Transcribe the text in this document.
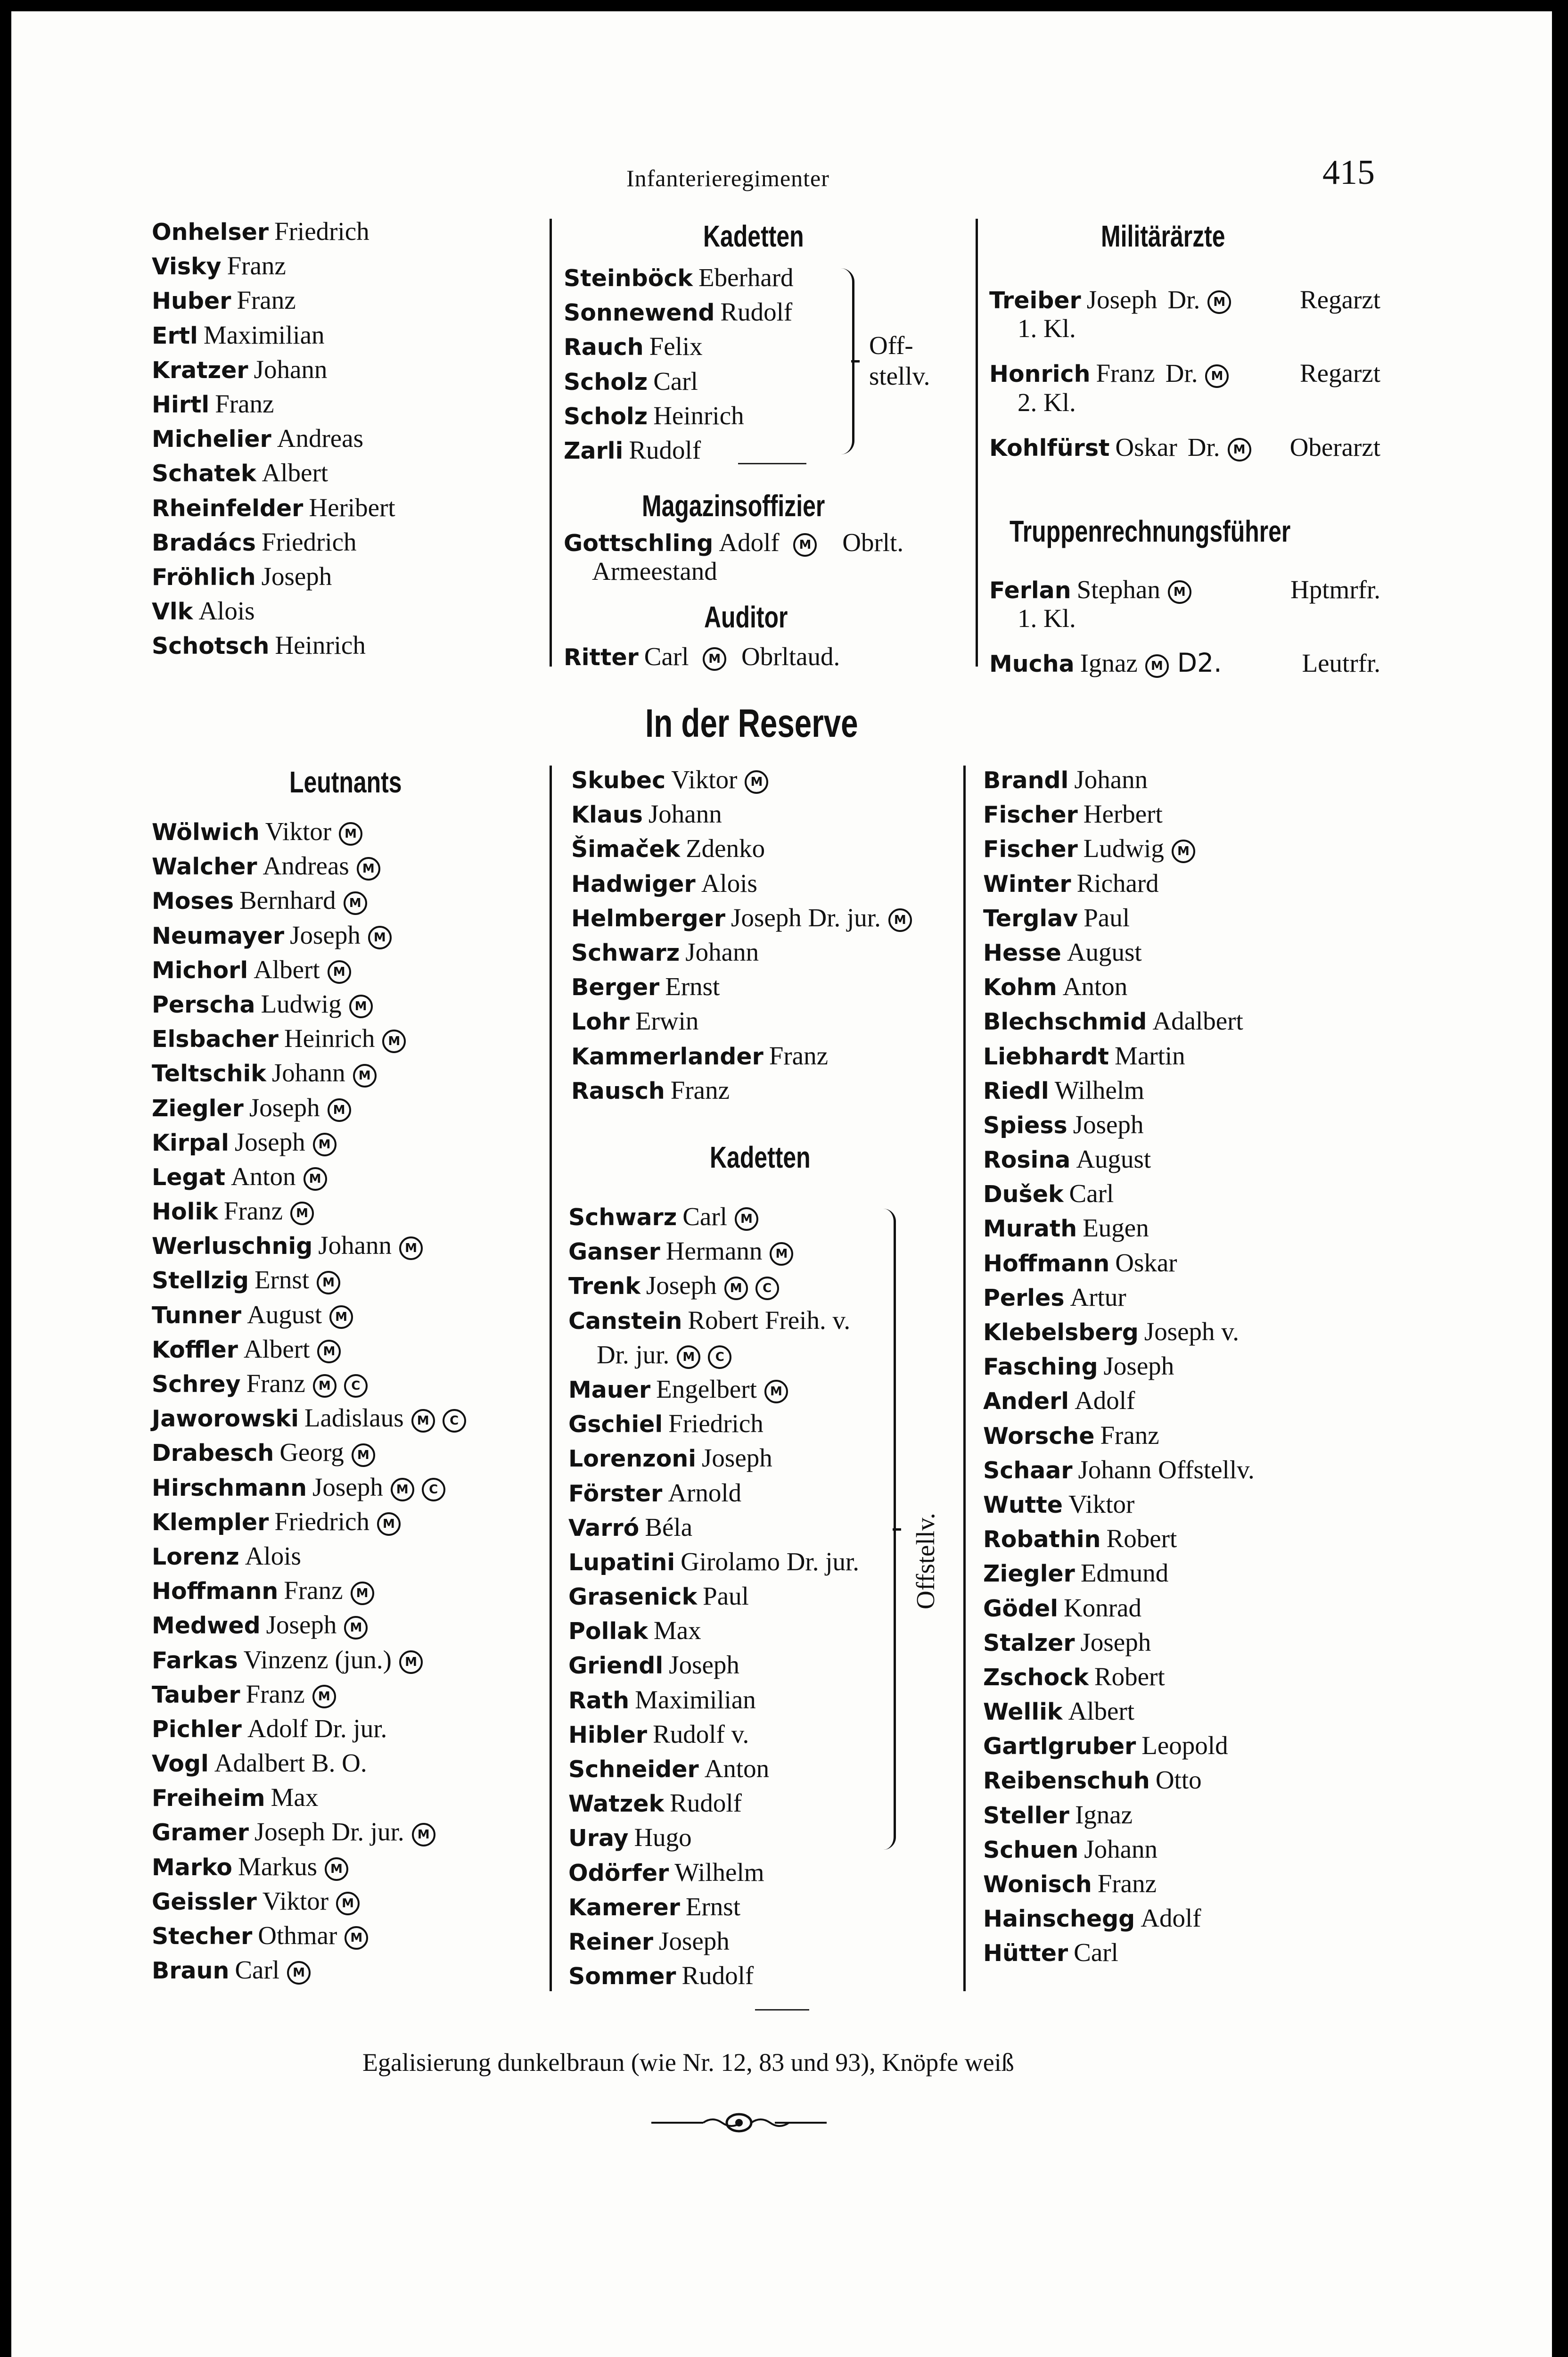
Infanterieregimenter	415
Onhelser Friedrich
Visky Franz
Huber Franz
Ertl Maximilian
Kratzer Johann
Hirtl Franz
Michelier Andreas
Schatek Albert
Rheinfelder Heribert
Bradács Friedrich
Fröhlich Joseph
Vlk Alois
Schotsch Heinrich
Kadetten
Steinböck Eberhard
Sonnewend Rudolf
Rauch Felix
Scholz Carl
Scholz Heinrich
Zarli Rudolf
Off-
stellv.
Magazinsoffizier
Gottschling Adolf M Obrlt.
Armeestand
Auditor
Ritter Carl M Obrltaud.
Militärärzte
Treiber Joseph Dr. M	Regarzt
1. Kl.
Honrich Franz Dr. M	Regarzt
2. Kl.
Kohlfürst Oskar Dr. M Oberarzt
Truppenrechnungsführer
Ferlan Stephan M	Hptmrfr.
1. Kl.
Mucha Ignaz M D2.	Leutrfr.
In der Reserve
Leutnants
Wölwich Viktor M
Walcher Andreas M
Moses Bernhard M
Neumayer Joseph M
Michorl Albert M
Perscha Ludwig M
Elsbacher Heinrich M
Teltschik Johann M
Ziegler Joseph M
Kirpal Joseph M
Legat Anton M
Holik Franz M
Werluschnig Johann M
Stellzig Ernst M
Tunner August M
Koffler Albert M
Schrey Franz M C
Jaworowski Ladislaus M C
Drabesch Georg M
Hirschmann Joseph M C
Klempler Friedrich M
Lorenz Alois
Hoffmann Franz M
Medwed Joseph M
Farkas Vinzenz (jun.) M
Tauber Franz M
Pichler Adolf Dr. jur.
Vogl Adalbert B. O.
Freiheim Max
Gramer Joseph Dr. jur. M
Marko Markus M
Geissler Viktor M
Stecher Othmar M
Braun Carl M
Skubec Viktor M
Klaus Johann
Šimaček Zdenko
Hadwiger Alois
Helmberger Joseph Dr. jur. M
Schwarz Johann
Berger Ernst
Lohr Erwin
Kammerlander Franz
Rausch Franz
Kadetten
Schwarz Carl M
Ganser Hermann M
Trenk Joseph M C
Canstein Robert Freih. v.
Dr. jur. M C
Mauer Engelbert M
Gschiel Friedrich
Lorenzoni Joseph
Förster Arnold
Varró Béla
Lupatini Girolamo Dr. jur.
Grasenick Paul
Pollak Max
Griendl Joseph
Rath Maximilian
Hibler Rudolf v.
Schneider Anton
Watzek Rudolf
Uray Hugo
Odörfer Wilhelm
Kamerer Ernst
Reiner Joseph
Sommer Rudolf
Offstellv.
Brandl Johann
Fischer Herbert
Fischer Ludwig M
Winter Richard
Terglav Paul
Hesse August
Kohm Anton
Blechschmid Adalbert
Liebhardt Martin
Riedl Wilhelm
Spiess Joseph
Rosina August
Dušek Carl
Murath Eugen
Hoffmann Oskar
Perles Artur
Klebelsberg Joseph v.
Fasching Joseph
Anderl Adolf
Worsche Franz
Schaar Johann Offstellv.
Wutte Viktor
Robathin Robert
Ziegler Edmund
Gödel Konrad
Stalzer Joseph
Zschock Robert
Wellik Albert
Gartlgruber Leopold
Reibenschuh Otto
Steller Ignaz
Schuen Johann
Wonisch Franz
Hainschegg Adolf
Hütter Carl
Egalisierung dunkelbraun (wie Nr. 12, 83 und 93), Knöpfe weiß
